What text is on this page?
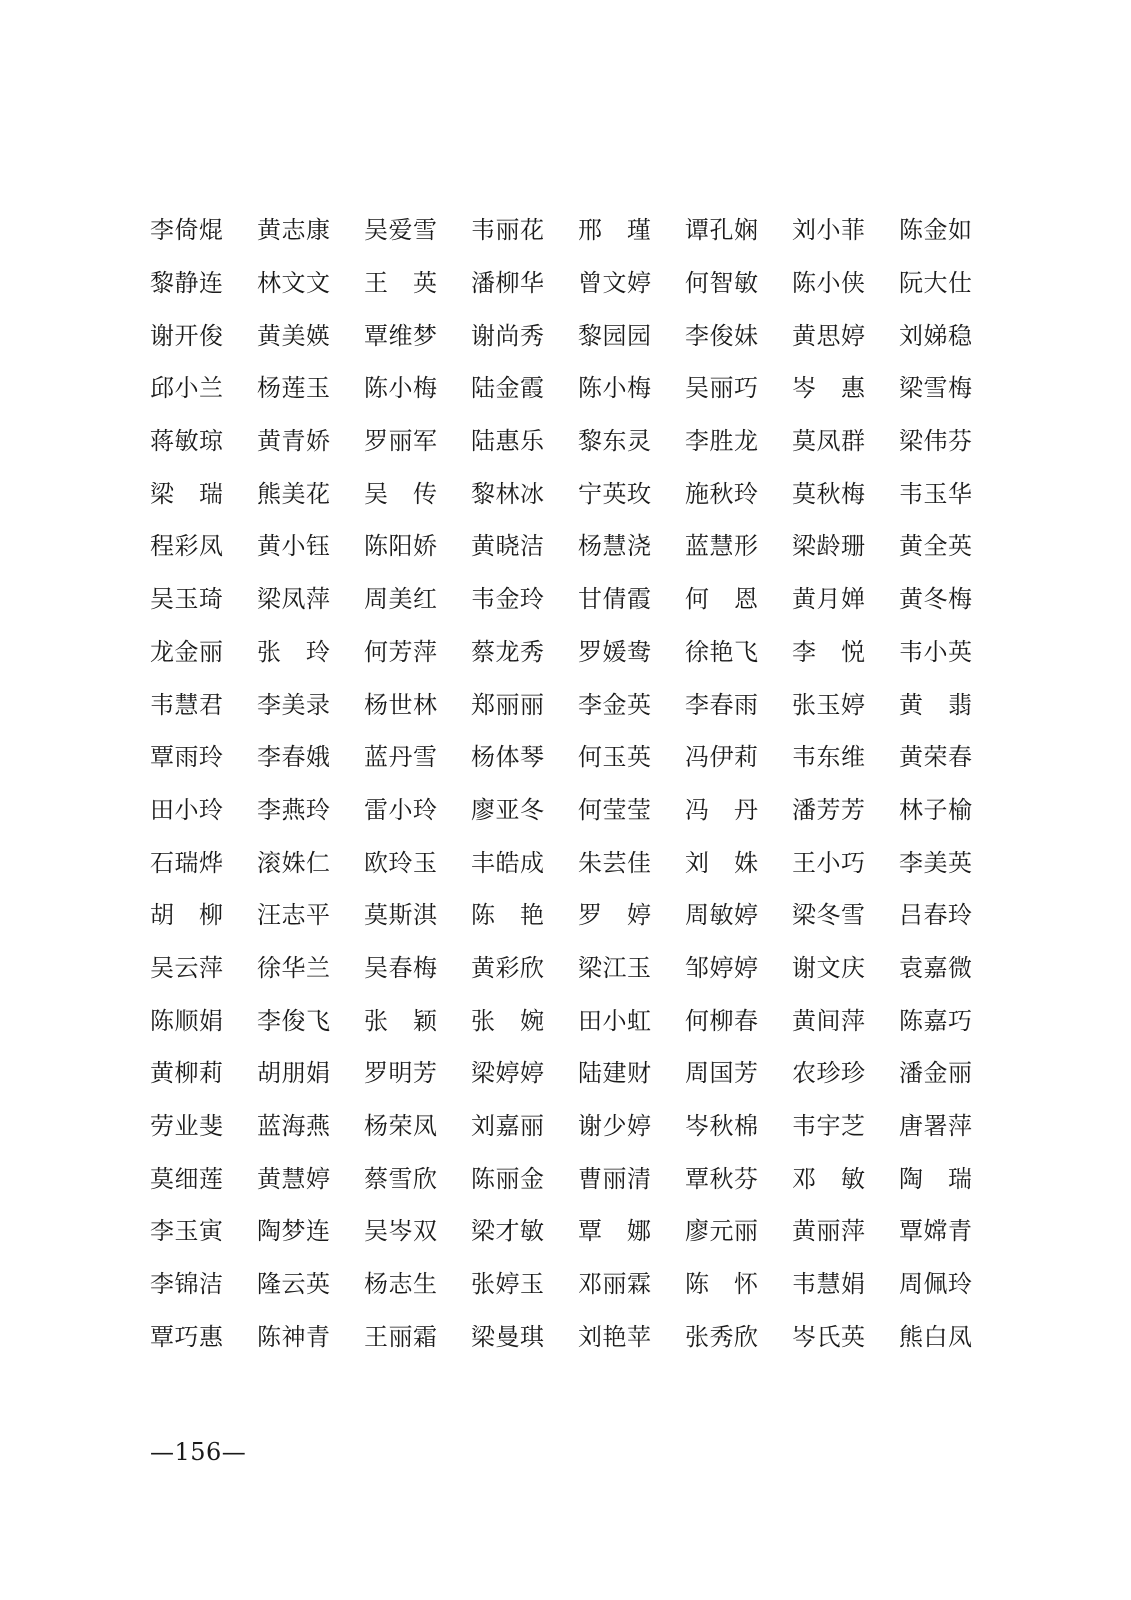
李倚焜	黄志康	吴爱雪	韦丽花	邢　瑾	谭孔娴	刘小菲	陈金如
黎静连	林文文	王　英	潘柳华	曾文婷	何智敏	陈小侠	阮大仕
谢开俊	黄美媖	覃维梦	谢尚秀	黎园园	李俊妹	黄思婷	刘娣稳
邱小兰	杨莲玉	陈小梅	陆金霞	陈小梅	吴丽巧	岑　惠	梁雪梅
蒋敏琼	黄青娇	罗丽军	陆惠乐	黎东灵	李胜龙	莫凤群	梁伟芬
梁　瑞	熊美花	吴　传	黎林冰	宁英玫	施秋玲	莫秋梅	韦玉华
程彩凤	黄小钰	陈阳娇	黄晓洁	杨慧浇	蓝慧形	梁龄珊	黄全英
吴玉琦	梁凤萍	周美红	韦金玲	甘倩霞	何　恩	黄月婵	黄冬梅
龙金丽	张　玲	何芳萍	蔡龙秀	罗媛鸯	徐艳飞	李　悦	韦小英
韦慧君	李美录	杨世林	郑丽丽	李金英	李春雨	张玉婷	黄　翡
覃雨玲	李春娥	蓝丹雪	杨体琴	何玉英	冯伊莉	韦东维	黄荣春
田小玲	李燕玲	雷小玲	廖亚冬	何莹莹	冯　丹	潘芳芳	林子榆
石瑞烨	滚姝仁	欧玲玉	丰皓成	朱芸佳	刘　姝	王小巧	李美英
胡　柳	汪志平	莫斯淇	陈　艳	罗　婷	周敏婷	梁冬雪	吕春玲
吴云萍	徐华兰	吴春梅	黄彩欣	梁江玉	邹婷婷	谢文庆	袁嘉微
陈顺娟	李俊飞	张　颖	张　婉	田小虹	何柳春	黄间萍	陈嘉巧
黄柳莉	胡朋娟	罗明芳	梁婷婷	陆建财	周国芳	农珍珍	潘金丽
劳业斐	蓝海燕	杨荣凤	刘嘉丽	谢少婷	岑秋棉	韦宇芝	唐署萍
莫细莲	黄慧婷	蔡雪欣	陈丽金	曹丽清	覃秋芬	邓　敏	陶　瑞
李玉寅	陶梦连	吴岑双	梁才敏	覃　娜	廖元丽	黄丽萍	覃嫦青
李锦洁	隆云英	杨志生	张婷玉	邓丽霖	陈　怀	韦慧娟	周佩玲
覃巧惠	陈神青	王丽霜	梁曼琪	刘艳苹	张秀欣	岑氏英	熊白凤
—156—
